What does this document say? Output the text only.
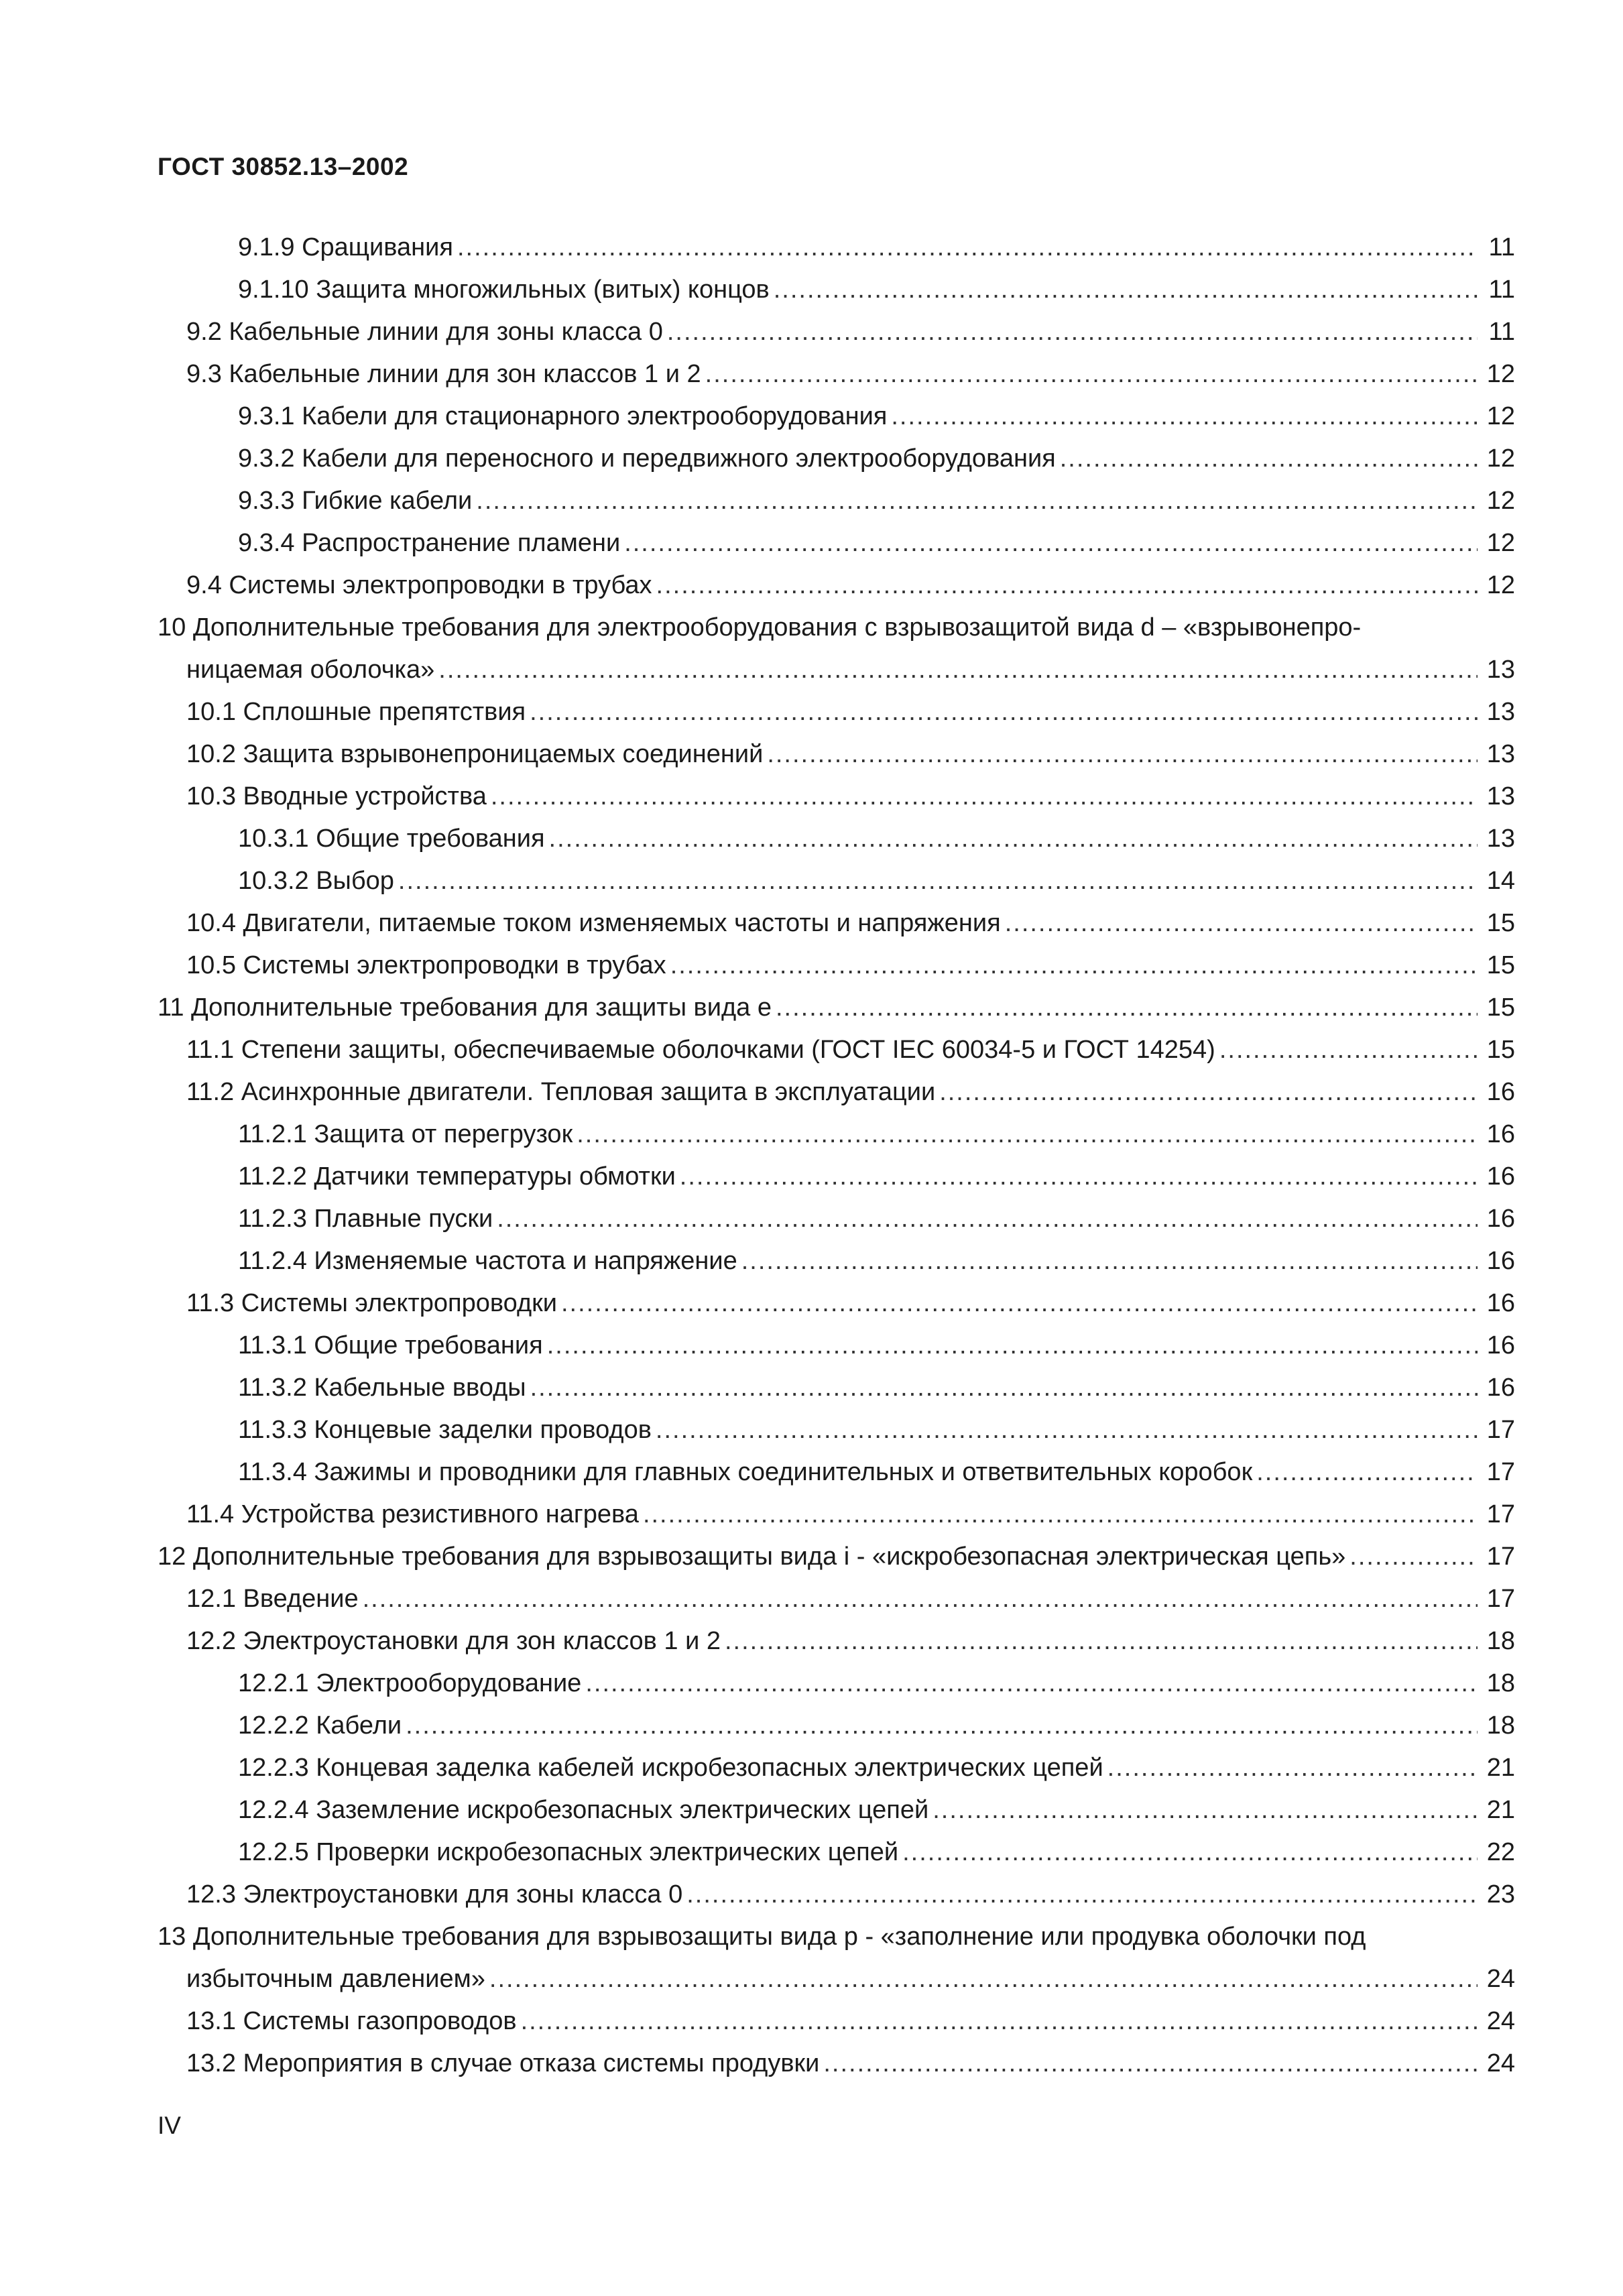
ГОСТ 30852.13–2002
9.1.9 Сращивания .....	11
9.1.10 Защита многожильных (витых) концов .....	11
9.2 Кабельные линии для зоны класса 0 .....	11
9.3 Кабельные линии для зон классов 1 и 2 .....	12
9.3.1 Кабели для стационарного электрооборудования .....	12
9.3.2 Кабели для переносного и передвижного электрооборудования .....	12
9.3.3 Гибкие кабели .....	12
9.3.4 Распространение пламени .....	12
9.4 Системы электропроводки в трубах .....	12
10 Дополнительные требования для электрооборудования с взрывозащитой вида d – «взрывонепро-
ницаемая оболочка» .....	13
10.1 Сплошные препятствия .....	13
10.2 Защита взрывонепроницаемых соединений .....	13
10.3 Вводные устройства .....	13
10.3.1 Общие требования .....	13
10.3.2 Выбор .....	14
10.4 Двигатели, питаемые током изменяемых частоты и напряжения .....	15
10.5 Системы электропроводки в трубах .....	15
11 Дополнительные требования для защиты вида e .....	15
11.1 Степени защиты, обеспечиваемые оболочками (ГОСТ IEC 60034-5 и ГОСТ 14254) .....	15
11.2 Асинхронные двигатели. Тепловая защита в эксплуатации .....	16
11.2.1 Защита от перегрузок .....	16
11.2.2 Датчики температуры обмотки .....	16
11.2.3 Плавные пуски .....	16
11.2.4 Изменяемые частота и напряжение .....	16
11.3 Системы электропроводки .....	16
11.3.1 Общие требования .....	16
11.3.2 Кабельные вводы .....	16
11.3.3 Концевые заделки проводов .....	17
11.3.4 Зажимы и проводники для главных соединительных и ответвительных коробок .....	17
11.4 Устройства резистивного нагрева .....	17
12 Дополнительные требования для взрывозащиты вида i - «искробезопасная электрическая цепь» .....	17
12.1 Введение .....	17
12.2 Электроустановки для зон классов 1 и 2 .....	18
12.2.1 Электрооборудование .....	18
12.2.2 Кабели .....	18
12.2.3 Концевая заделка кабелей искробезопасных электрических цепей .....	21
12.2.4 Заземление искробезопасных электрических цепей .....	21
12.2.5 Проверки искробезопасных электрических цепей .....	22
12.3 Электроустановки для зоны класса 0 .....	23
13 Дополнительные требования для взрывозащиты вида p - «заполнение или продувка оболочки под
избыточным давлением» .....	24
13.1 Системы газопроводов .....	24
13.2 Мероприятия в случае отказа системы продувки .....	24
IV
